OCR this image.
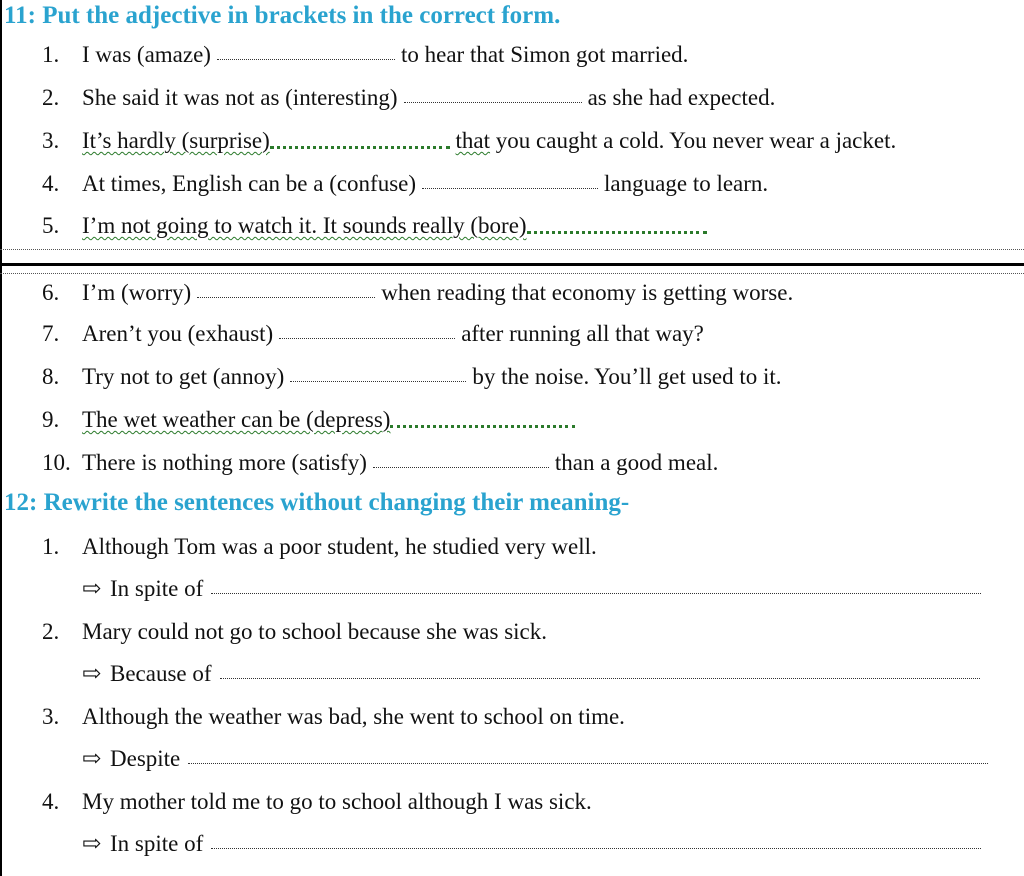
11: Put the adjective in brackets in the correct form.
1. I was (amaze)	to hear that Simon got married.
2. She said it was not as (interesting)	as she had expected.
3. It’s hardly (surprise)	that you caught a cold. You never wear a jacket.
4. At times, English can be a (confuse)	language to learn.
5. I’m not going to watch it. It sounds really (bore)
6. I’m (worry)	when reading that economy is getting worse.
7. Aren’t you (exhaust)	after running all that way?
8. Try not to get (annoy)	by the noise. You’ll get used to it.
9. The wet weather can be (depress)
10. There is nothing more (satisfy)	than a good meal.
12: Rewrite the sentences without changing their meaning-
1. Although Tom was a poor student, he studied very well.
⇨ In spite of
2. Mary could not go to school because she was sick.
⇨ Because of
3. Although the weather was bad, she went to school on time.
⇨ Despite
4. My mother told me to go to school although I was sick.
⇨ In spite of
